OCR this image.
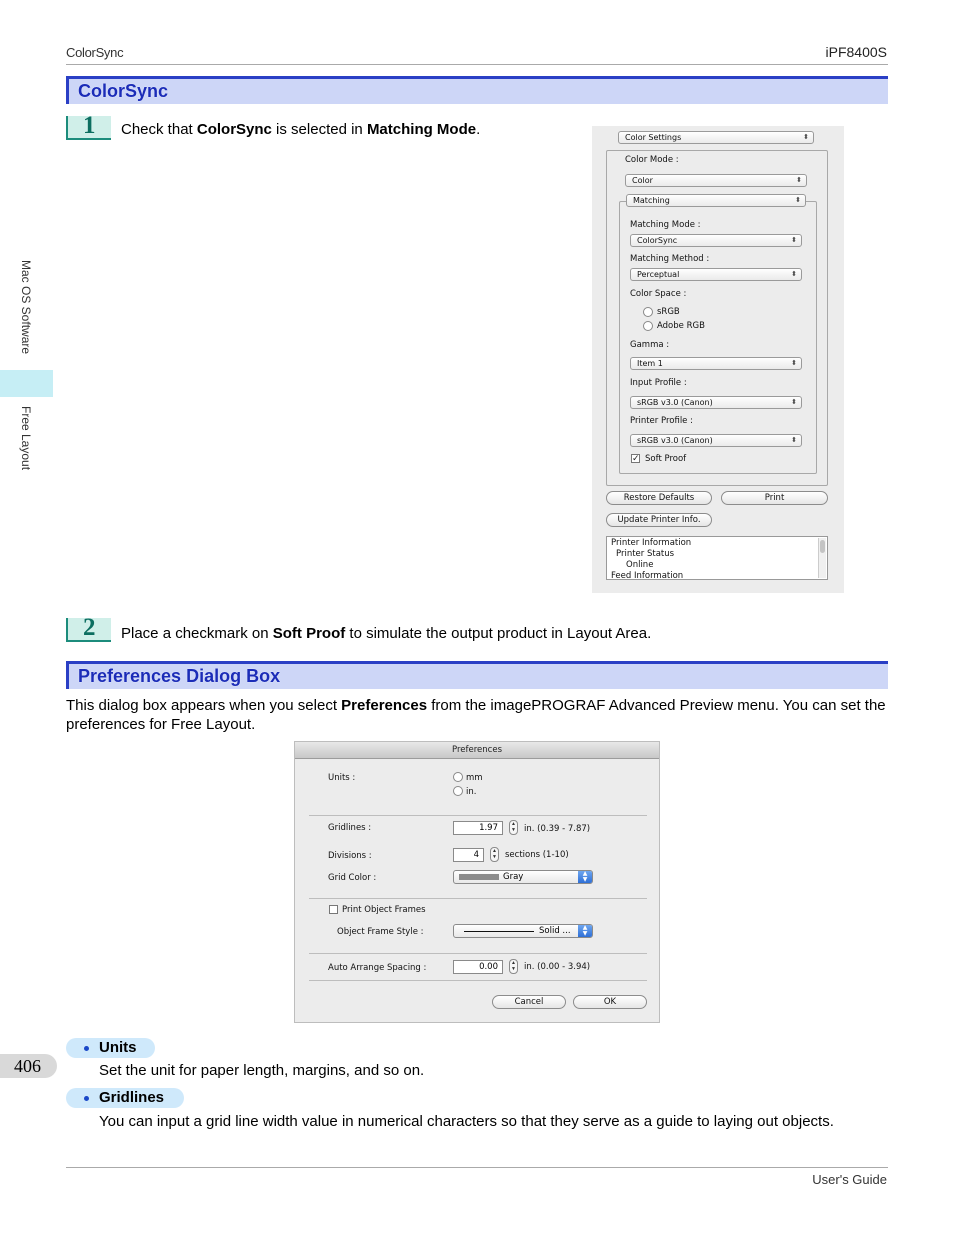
ColorSync	iPF8400S
User's Guide
Mac OS Software
Free Layout
406
ColorSync
1 Check that ColorSync is selected in Matching Mode.	Color Settings	⬍
Color Mode :
Color	⬍
Matching	⬍
Matching Mode :
ColorSync	⬍
Matching Method :
Perceptual	⬍
Color Space :
sRGB
Adobe RGB
Gamma :
Item 1	⬍
Input Profile :
sRGB v3.0 (Canon)	⬍
Printer Profile :
sRGB v3.0 (Canon)	⬍
✓ Soft Proof
Restore Defaults	Print
Update Printer Info.
Printer Information
Printer Status
Online
Feed Information
2 Place a checkmark on Soft Proof to simulate the output product in Layout Area.
Preferences Dialog Box
This dialog box appears when you select Preferences from the imagePROGRAF Advanced Preview menu. You can set the preferences for Free Layout.
Preferences
Units :	mm
in.
Gridlines :	1.97	▲
▼ in. (0.39 - 7.87)
Divisions :	4	▲
▼ sections (1-10)
Grid Color :	Gray	▲
▼
Print Object Frames
Object Frame Style :	Solid ...	▲
▼
Auto Arrange Spacing :	0.00	▲
▼ in. (0.00 - 3.94)
Cancel	OK
Units
Set the unit for paper length, margins, and so on.
Gridlines
You can input a grid line width value in numerical characters so that they serve as a guide to laying out objects.
